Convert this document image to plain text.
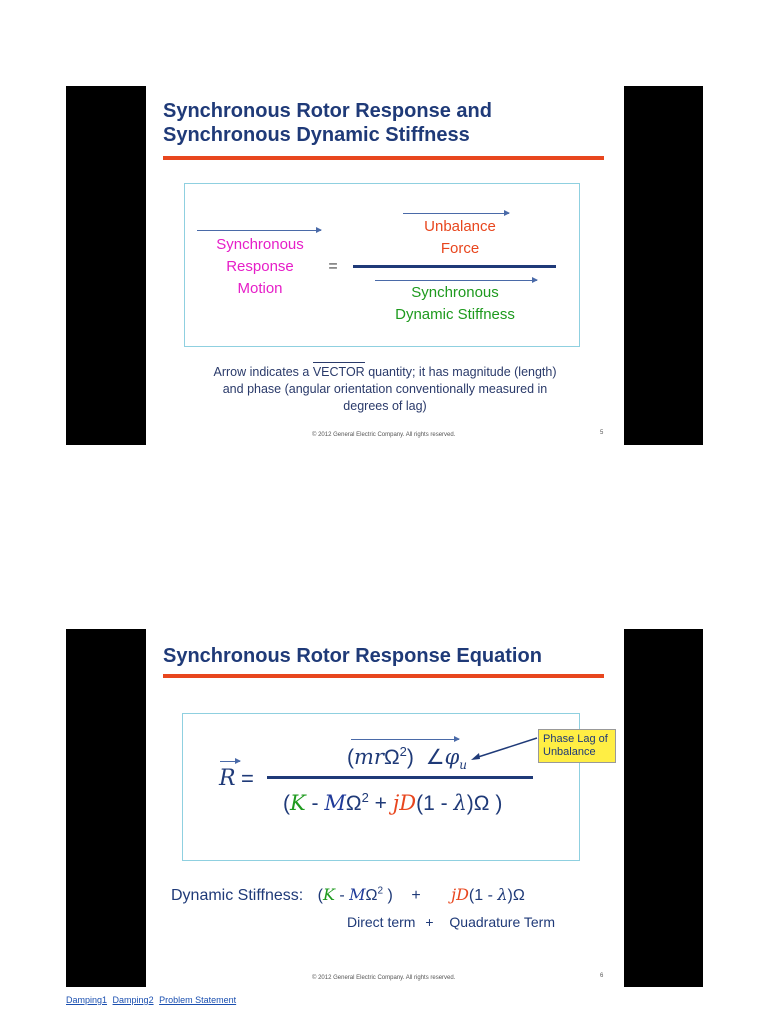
Synchronous Rotor Response and
Synchronous Dynamic Stiffness
Synchronous
Response
Motion
=
Unbalance
Force
Synchronous
Dynamic Stiffness
Arrow indicates a VECTOR quantity; it has magnitude (length)
and phase (angular orientation conventionally measured in
degrees of lag)
© 2012 General Electric Company. All rights reserved.	5
Synchronous Rotor Response Equation
R =
(mrΩ$^2$) $\angle\varphi_u$
($K - M\Omega^2 + jD(1 - \lambda)\Omega$ )
Phase Lag of Unbalance
Dynamic Stiffness: ($K - M\Omega^2$ ) + jD(1 - λ)Ω
Direct term + Quadrature Term
© 2012 General Electric Company. All rights reserved.	6
Damping1 Damping2 Problem Statement
